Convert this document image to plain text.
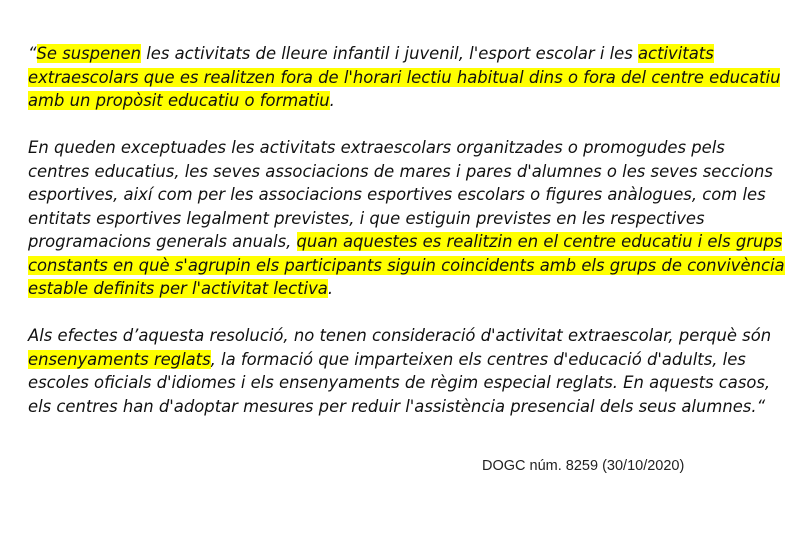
“Se suspenen les activitats de lleure infantil i juvenil, l'esport escolar i les activitats extraescolars que es realitzen fora de l'horari lectiu habitual dins o fora del centre educatiu amb un propòsit educatiu o formatiu.

En queden exceptuades les activitats extraescolars organitzades o promogudes pels centres educatius, les seves associacions de mares i pares d'alumnes o les seves seccions esportives, així com per les associacions esportives escolars o figures anàlogues, com les entitats esportives legalment previstes, i que estiguin previstes en les respectives programacions generals anuals, quan aquestes es realitzin en el centre educatiu i els grups constants en què s'agrupin els participants siguin coincidents amb els grups de convivència estable definits per l'activitat lectiva.

Als efectes d’aquesta resolució, no tenen consideració d'activitat extraescolar, perquè són ensenyaments reglats, la formació que imparteixen els centres d'educació d'adults, les escoles oficials d'idiomes i els ensenyaments de règim especial reglats. En aquests casos, els centres han d'adoptar mesures per reduir l'assistència presencial dels seus alumnes.“

DOGC núm. 8259 (30/10/2020)
